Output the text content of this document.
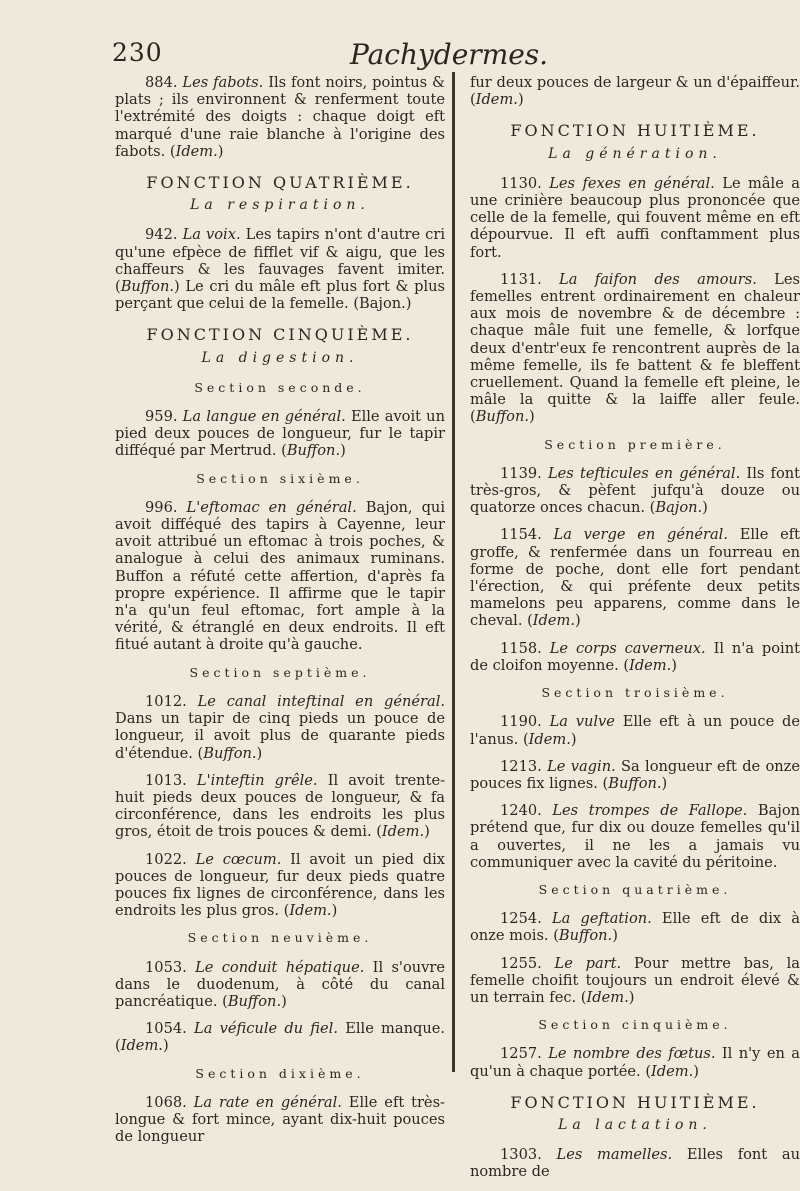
230	Pachydermes.

884. Les fabots. Ils font noirs, pointus & plats ; ils environnent & renferment toute l'extrémité des doigts : chaque doigt eft marqué d'une raie blanche à l'origine des fabots. (Idem.)

FONCTION QUATRIÈME.
La respiration.

942. La voix. Les tapirs n'ont d'autre cri qu'une efpèce de fifflet vif & aigu, que les chaffeurs & les fauvages favent imiter. (Buffon.) Le cri du mâle eft plus fort & plus perçant que celui de la femelle. (Bajon.)

FONCTION CINQUIÈME.
La digestion.
Section seconde.

959. La langue en général. Elle avoit un pied deux pouces de longueur, fur le tapir difféqué par Mertrud. (Buffon.)

Section sixième.

996. L'eftomac en général. Bajon, qui avoit difféqué des tapirs à Cayenne, leur avoit attribué un eftomac à trois poches, & analogue à celui des animaux ruminans. Buffon a réfuté cette affertion, d'après fa propre expérience. Il affirme que le tapir n'a qu'un feul eftomac, fort ample à la vérité, & étranglé en deux endroits. Il eft fitué autant à droite qu'à gauche.

Section septième.

1012. Le canal inteftinal en général. Dans un tapir de cinq pieds un pouce de longueur, il avoit plus de quarante pieds d'étendue. (Buffon.)

1013. L'inteftin grêle. Il avoit trente-huit pieds deux pouces de longueur, & fa circonférence, dans les endroits les plus gros, étoit de trois pouces & demi. (Idem.)

1022. Le cœcum. Il avoit un pied dix pouces de longueur, fur deux pieds quatre pouces fix lignes de circonférence, dans les endroits les plus gros. (Idem.)

Section neuvième.

1053. Le conduit hépatique. Il s'ouvre dans le duodenum, à côté du canal pancréatique. (Buffon.)

1054. La véficule du fiel. Elle manque. (Idem.)

Section dixième.

1068. La rate en général. Elle eft très-longue & fort mince, ayant dix-huit pouces de longueur

fur deux pouces de largeur & un d'épaiffeur. (Idem.)

FONCTION HUITIÈME.
La génération.

1130. Les fexes en général. Le mâle a une crinière beaucoup plus prononcée que celle de la femelle, qui fouvent même en eft dépourvue. Il eft auffi conftamment plus fort.

1131. La faifon des amours. Les femelles entrent ordinairement en chaleur aux mois de novembre & de décembre : chaque mâle fuit une femelle, & lorfque deux d'entr'eux fe rencontrent auprès de la même femelle, ils fe battent & fe bleffent cruellement. Quand la femelle eft pleine, le mâle la quitte & la laiffe aller feule. (Buffon.)

Section première.

1139. Les tefticules en général. Ils font très-gros, & pèfent jufqu'à douze ou quatorze onces chacun. (Bajon.)

1154. La verge en général. Elle eft groffe, & renfermée dans un fourreau en forme de poche, dont elle fort pendant l'érection, & qui préfente deux petits mamelons peu apparens, comme dans le cheval. (Idem.)

1158. Le corps caverneux. Il n'a point de cloifon moyenne. (Idem.)

Section troisième.

1190. La vulve Elle eft à un pouce de l'anus. (Idem.)

1213. Le vagin. Sa longueur eft de onze pouces fix lignes. (Buffon.)

1240. Les trompes de Fallope. Bajon prétend que, fur dix ou douze femelles qu'il a ouvertes, il ne les a jamais vu communiquer avec la cavité du péritoine.

Section quatrième.

1254. La geftation. Elle eft de dix à onze mois. (Buffon.)

1255. Le part. Pour mettre bas, la femelle choifit toujours un endroit élevé & un terrain fec. (Idem.)

Section cinquième.

1257. Le nombre des fœtus. Il n'y en a qu'un à chaque portée. (Idem.)

FONCTION HUITIÈME.
La lactation.

1303. Les mamelles. Elles font au nombre de
